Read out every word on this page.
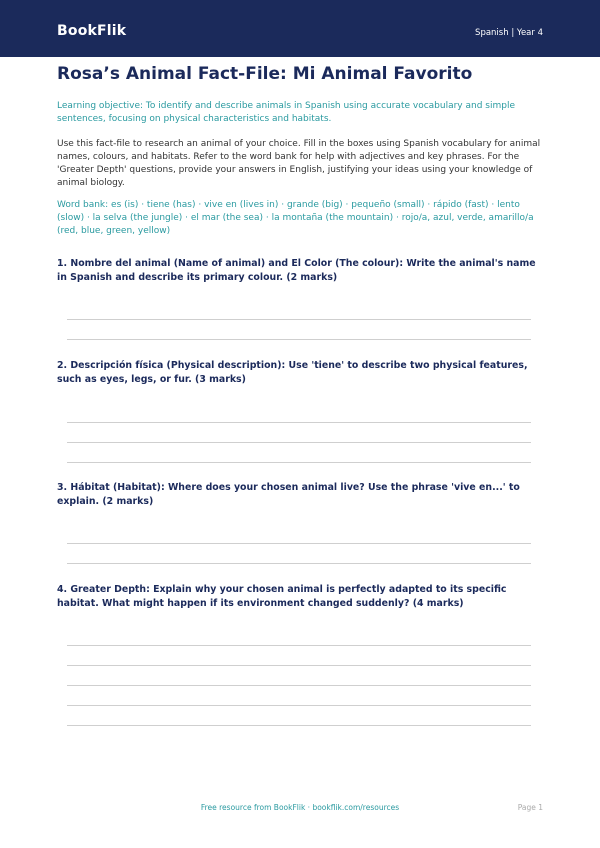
BookFlik	Spanish | Year 4
Rosa’s Animal Fact-File: Mi Animal Favorito

Learning objective: To identify and describe animals in Spanish using accurate vocabulary and simple sentences, focusing on physical characteristics and habitats.

Use this fact-file to research an animal of your choice. Fill in the boxes using Spanish vocabulary for animal names, colours, and habitats. Refer to the word bank for help with adjectives and key phrases. For the 'Greater Depth' questions, provide your answers in English, justifying your ideas using your knowledge of animal biology.

Word bank: es (is) · tiene (has) · vive en (lives in) · grande (big) · pequeño (small) · rápido (fast) · lento (slow) · la selva (the jungle) · el mar (the sea) · la montaña (the mountain) · rojo/a, azul, verde, amarillo/a (red, blue, green, yellow)

1. Nombre del animal (Name of animal) and El Color (The colour): Write the animal's name in Spanish and describe its primary colour. (2 marks)

2. Descripción física (Physical description): Use 'tiene' to describe two physical features, such as eyes, legs, or fur. (3 marks)

3. Hábitat (Habitat): Where does your chosen animal live? Use the phrase 'vive en...' to explain. (2 marks)

4. Greater Depth: Explain why your chosen animal is perfectly adapted to its specific habitat. What might happen if its environment changed suddenly? (4 marks)

Free resource from BookFlik · bookflik.com/resources	Page 1
